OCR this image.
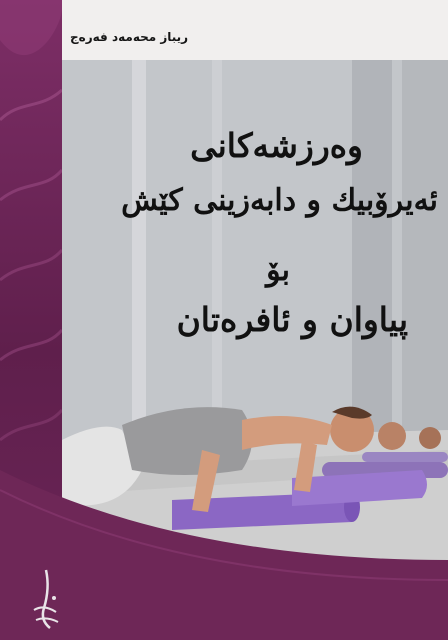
ریباز محەمەد فەرەج
وەرزشەکانی
ئەیرۆبیك و دابەزینی كێش
بۆ
پیاوان و ئافرەتان
